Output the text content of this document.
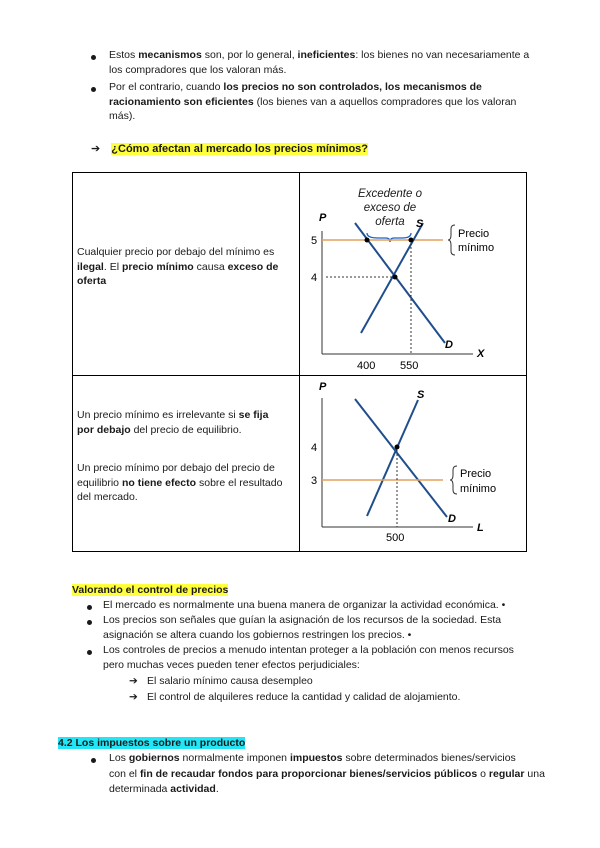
Estos mecanismos son, por lo general, ineficientes: los bienes no van necesariamente a
los compradores que los valoran más.
Por el contrario, cuando los precios no son controlados, los mecanismos de
racionamiento son eficientes (los bienes van a aquellos compradores que los valoran
más).
➔ ¿Cómo afectan al mercado los precios mínimos?
Cualquier precio por debajo del mínimo es
ilegal. El precio mínimo causa exceso de
oferta
Un precio mínimo es irrelevante si se fija
por debajo del precio de equilibrio.
Un precio mínimo por debajo del precio de
equilibrio no tiene efecto sobre el resultado
del mercado.
Excedente o
exceso de
oferta
P
X
5
4
400 550
S
D
Precio
mínimo
P
L
4
3
500
S
D
Precio
mínimo
Valorando el control de precios
El mercado es normalmente una buena manera de organizar la actividad económica. •
Los precios son señales que guían la asignación de los recursos de la sociedad. Esta
asignación se altera cuando los gobiernos restringen los precios. •
Los controles de precios a menudo intentan proteger a la población con menos recursos
pero muchas veces pueden tener efectos perjudiciales:
➔ El salario mínimo causa desempleo
➔ El control de alquileres reduce la cantidad y calidad de alojamiento.
4.2 Los impuestos sobre un producto
Los gobiernos normalmente imponen impuestos sobre determinados bienes/servicios
con el fin de recaudar fondos para proporcionar bienes/servicios públicos o regular una
determinada actividad.
